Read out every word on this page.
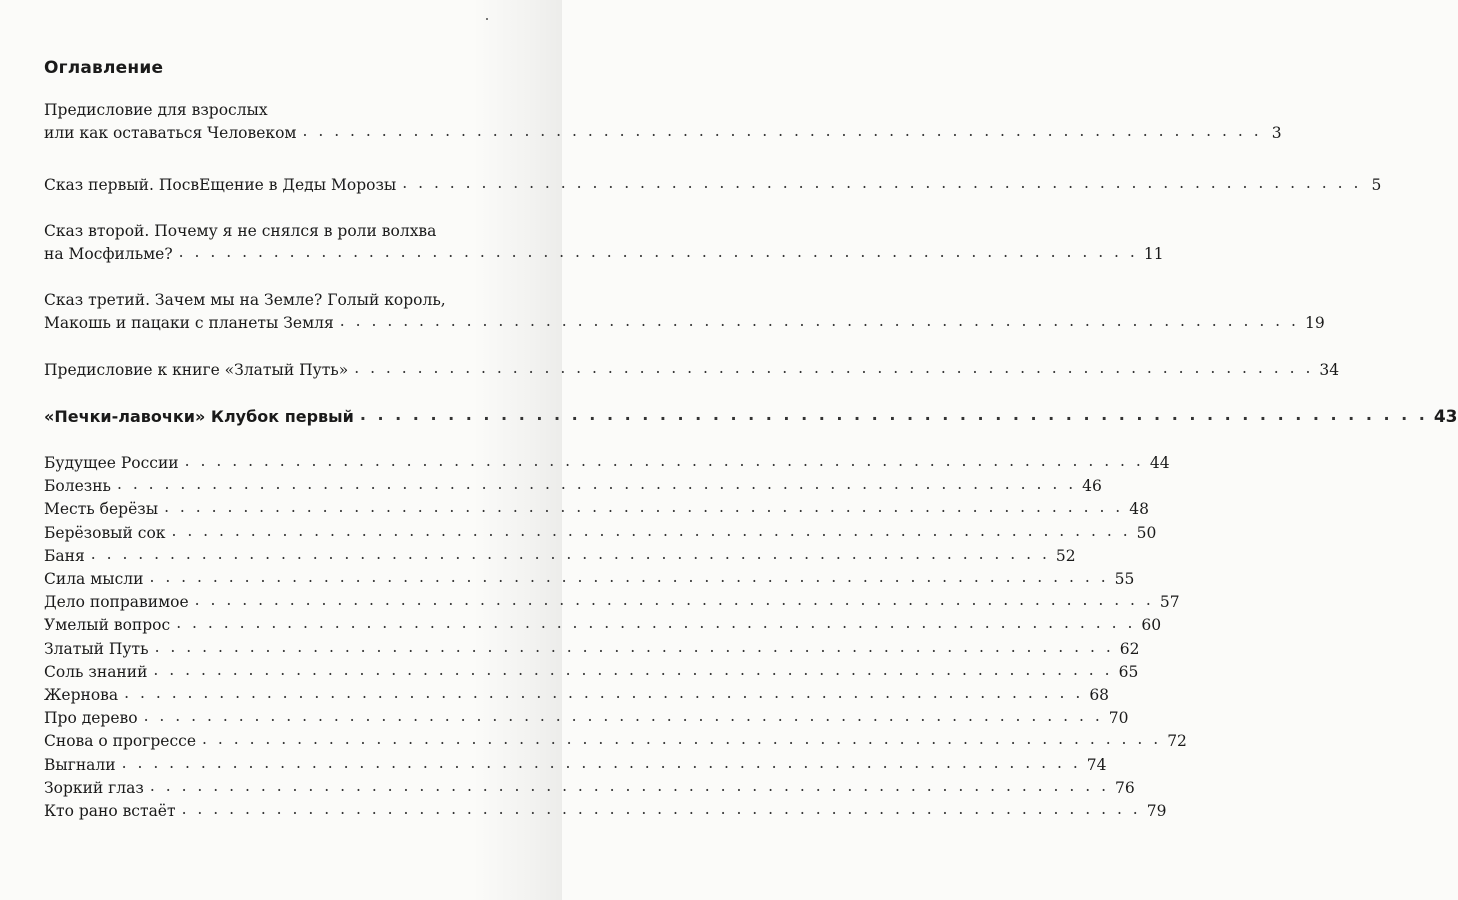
Оглавление
Предисловие для взрослых
или как оставаться Человеком . . .	3
Сказ первый. ПосвЕщение в Деды Морозы . . .	5
Сказ второй. Почему я не снялся в роли волхва
на Мосфильме? . . .	11
Сказ третий. Зачем мы на Земле? Голый король,
Макошь и пацаки с планеты Земля . . .	19
Предисловие к книге «Златый Путь» . . .	34
«Печки-лавочки» Клубок первый . . .	43
Будущее России . . .	44
Болезнь . . .	46
Месть берёзы . . .	48
Берёзовый сок . . .	50
Баня . . .	52
Сила мысли . . .	55
Дело поправимое . . .	57
Умелый вопрос . . .	60
Златый Путь . . .	62
Соль знаний . . .	65
Жернова . . .	68
Про дерево . . .	70
Снова о прогрессе . . .	72
Выгнали . . .	74
Зоркий глаз . . .	76
Кто рано встаёт . . .	79
